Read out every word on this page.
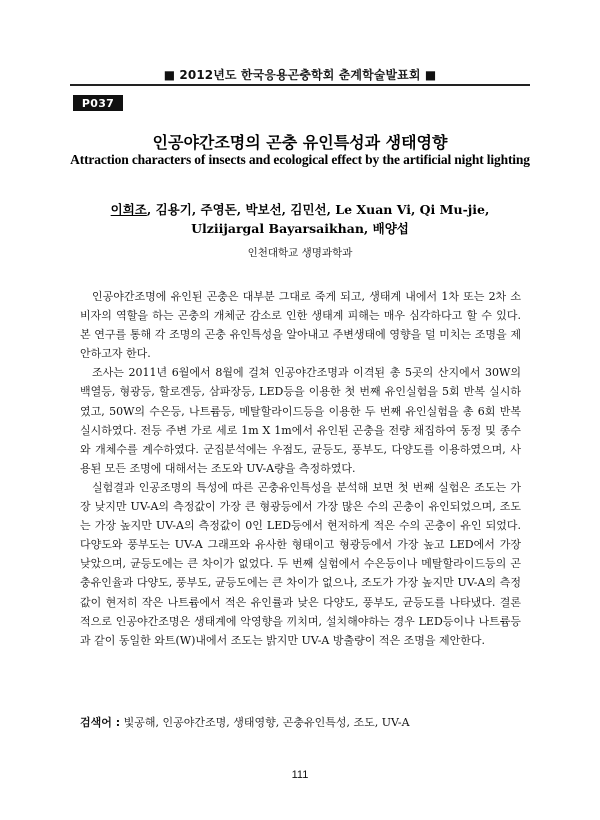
■ 2012년도 한국응용곤충학회 춘계학술발표회 ■
P037
인공야간조명의 곤충 유인특성과 생태영향
Attraction characters of insects and ecological effect by the artificial night lighting
이희조, 김용기, 주영돈, 박보선, 김민선, Le Xuan Vi, Qi Mu-jie,
Ulziijargal Bayarsaikhan, 배양섭
인천대학교 생명과학과

인공야간조명에 유인된 곤충은 대부분 그대로 죽게 되고, 생태계 내에서 1차 또는 2차 소비자의 역할을 하는 곤충의 개체군 감소로 인한 생태계 피해는 매우 심각하다고 할 수 있다. 본 연구를 통해 각 조명의 곤충 유인특성을 알아내고 주변생태에 영향을 덜 미치는 조명을 제안하고자 한다.

조사는 2011년 6월에서 8월에 걸쳐 인공야간조명과 이격된 총 5곳의 산지에서 30W의 백열등, 형광등, 할로겐등, 삼파장등, LED등을 이용한 첫 번째 유인실험을 5회 반복 실시하였고, 50W의 수은등, 나트륨등, 메탈할라이드등을 이용한 두 번째 유인실험을 총 6회 반복 실시하였다. 전등 주변 가로 세로 1m X 1m에서 유인된 곤충을 전량 채집하여 동정 및 종수와 개체수를 계수하였다. 군집분석에는 우점도, 균등도, 풍부도, 다양도를 이용하였으며, 사용된 모든 조명에 대해서는 조도와 UV-A량을 측정하였다.

실험결과 인공조명의 특성에 따른 곤충유인특성을 분석해 보면 첫 번째 실험은 조도는 가장 낮지만 UV-A의 측정값이 가장 큰 형광등에서 가장 많은 수의 곤충이 유인되었으며, 조도는 가장 높지만 UV-A의 측정값이 0인 LED등에서 현저하게 적은 수의 곤충이 유인 되었다. 다양도와 풍부도는 UV-A 그래프와 유사한 형태이고 형광등에서 가장 높고 LED에서 가장 낮았으며, 균등도에는 큰 차이가 없었다. 두 번째 실험에서 수은등이나 메탈할라이드등의 곤충유인율과 다양도, 풍부도, 균등도에는 큰 차이가 없으나, 조도가 가장 높지만 UV-A의 측정값이 현저히 작은 나트륨에서 적은 유인률과 낮은 다양도, 풍부도, 균등도를 나타냈다. 결론적으로 인공야간조명은 생태계에 악영향을 끼치며, 설치해야하는 경우 LED등이나 나트륨등과 같이 동일한 와트(W)내에서 조도는 밝지만 UV-A 방출량이 적은 조명을 제안한다.

검색어 : 빛공해, 인공야간조명, 생태영향, 곤충유인특성, 조도, UV-A
111
